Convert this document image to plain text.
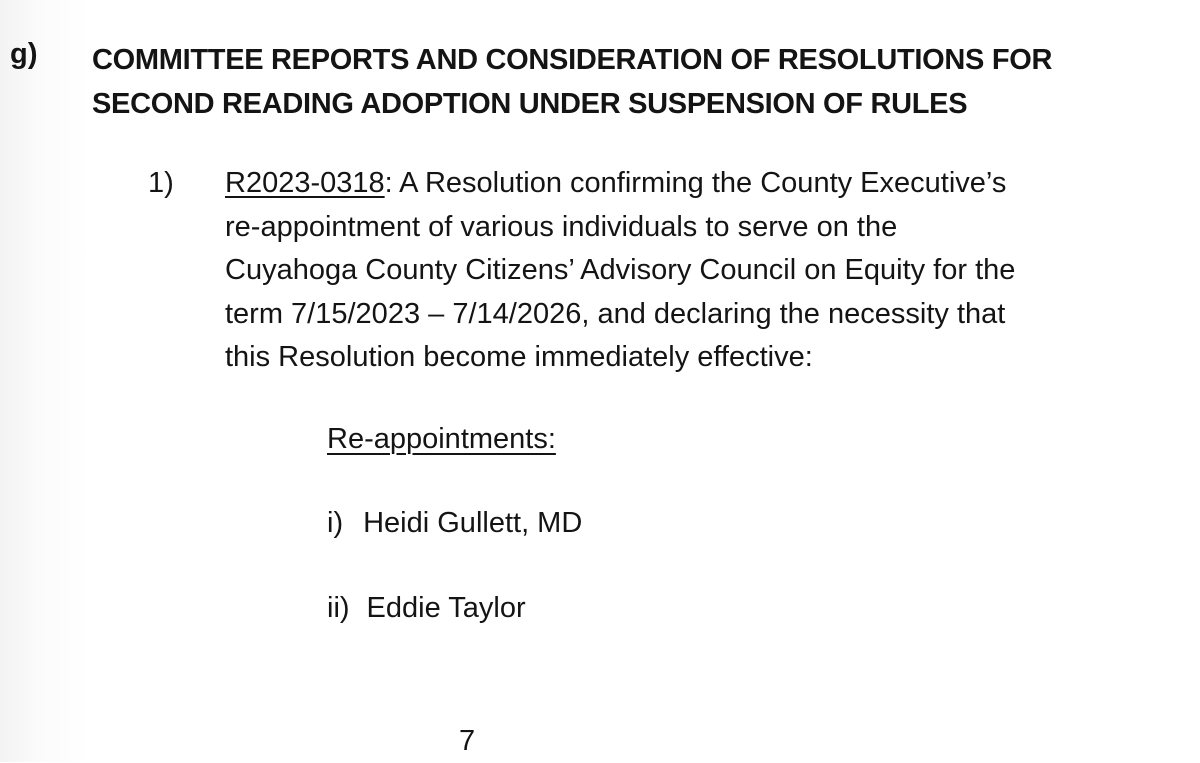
g) COMMITTEE REPORTS AND CONSIDERATION OF RESOLUTIONS FOR
SECOND READING ADOPTION UNDER SUSPENSION OF RULES
1) R2023-0318: A Resolution confirming the County Executive’s
re-appointment of various individuals to serve on the
Cuyahoga County Citizens’ Advisory Council on Equity for the
term 7/15/2023 – 7/14/2026, and declaring the necessity that
this Resolution become immediately effective:
Re-appointments:
i) Heidi Gullett, MD
ii) Eddie Taylor
7
